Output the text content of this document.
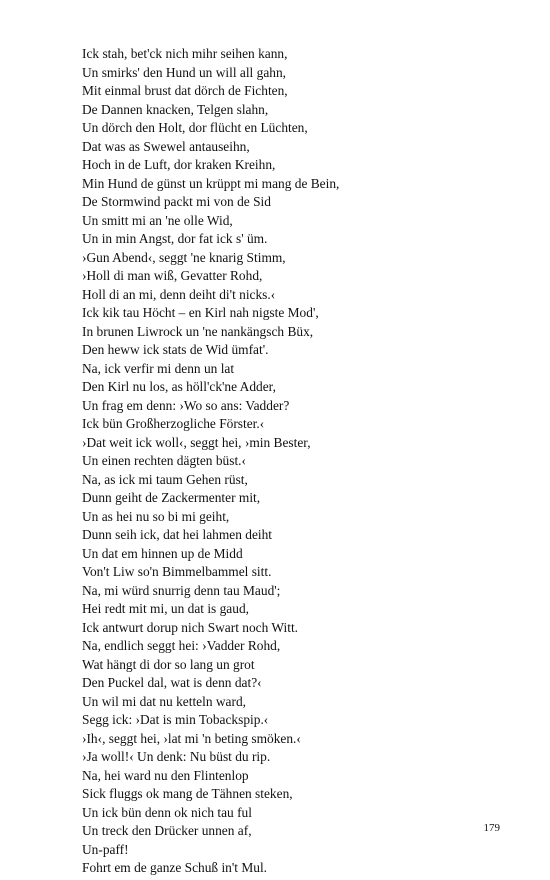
Ick stah, bet'ck nich mihr seihen kann,
Un smirks' den Hund un will all gahn,
Mit einmal brust dat dörch de Fichten,
De Dannen knacken, Telgen slahn,
Un dörch den Holt, dor flücht en Lüchten,
Dat was as Swewel antauseihn,
Hoch in de Luft, dor kraken Kreihn,
Min Hund de günst un krüppt mi mang de Bein,
De Stormwind packt mi von de Sid
Un smitt mi an 'ne olle Wid,
Un in min Angst, dor fat ick s' üm.
›Gun Abend‹, seggt 'ne knarig Stimm,
›Holl di man wiß, Gevatter Rohd,
Holl di an mi, denn deiht di't nicks.‹
Ick kik tau Höcht – en Kirl nah nigste Mod',
In brunen Liwrock un 'ne nankängsch Büx,
Den heww ick stats de Wid ümfat'.
Na, ick verfir mi denn un lat
Den Kirl nu los, as höll'ck'ne Adder,
Un frag em denn: ›Wo so ans: Vadder?
Ick bün Großherzogliche Förster.‹
›Dat weit ick woll‹, seggt hei, ›min Bester,
Un einen rechten dägten büst.‹
Na, as ick mi taum Gehen rüst,
Dunn geiht de Zackermenter mit,
Un as hei nu so bi mi geiht,
Dunn seih ick, dat hei lahmen deiht
Un dat em hinnen up de Midd
Von't Liw so'n Bimmelbammel sitt.
Na, mi würd snurrig denn tau Maud';
Hei redt mit mi, un dat is gaud,
Ick antwurt dorup nich Swart noch Witt.
Na, endlich seggt hei: ›Vadder Rohd,
Wat hängt di dor so lang un grot
Den Puckel dal, wat is denn dat?‹
Un wil mi dat nu ketteln ward,
Segg ick: ›Dat is min Tobackspip.‹
›Ih‹, seggt hei, ›lat mi 'n beting smöken.‹
›Ja woll!‹ Un denk: Nu büst du rip.
Na, hei ward nu den Flintenlop
Sick fluggs ok mang de Tähnen steken,
Un ick bün denn ok nich tau ful
Un treck den Drücker unnen af,
Un-paff!
Fohrt em de ganze Schuß in't Mul.
179
